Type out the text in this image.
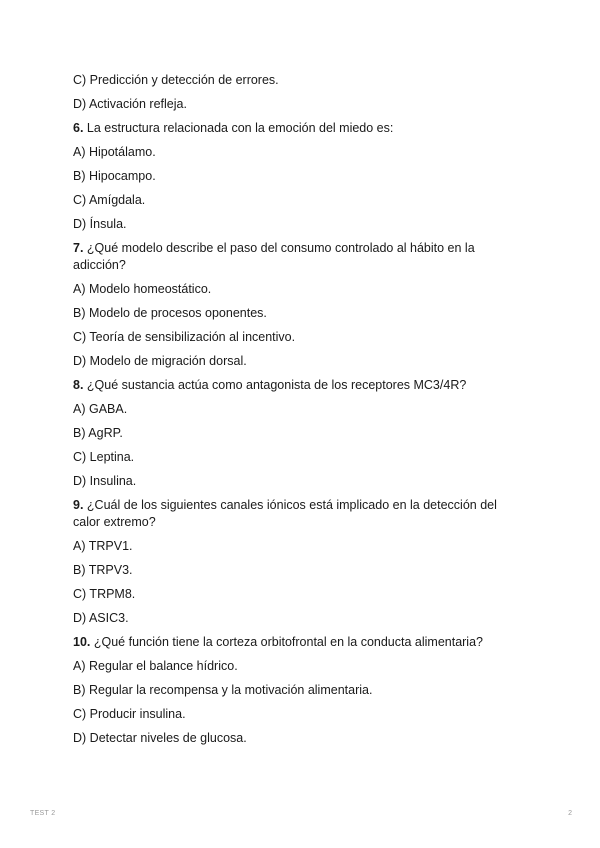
C) Predicción y detección de errores.

D) Activación refleja.

6. La estructura relacionada con la emoción del miedo es:

A) Hipotálamo.

B) Hipocampo.

C) Amígdala.

D) Ínsula.

7. ¿Qué modelo describe el paso del consumo controlado al hábito en la adicción?

A) Modelo homeostático.

B) Modelo de procesos oponentes.

C) Teoría de sensibilización al incentivo.

D) Modelo de migración dorsal.

8. ¿Qué sustancia actúa como antagonista de los receptores MC3/4R?

A) GABA.

B) AgRP.

C) Leptina.

D) Insulina.

9. ¿Cuál de los siguientes canales iónicos está implicado en la detección del calor extremo?

A) TRPV1.

B) TRPV3.

C) TRPM8.

D) ASIC3.

10. ¿Qué función tiene la corteza orbitofrontal en la conducta alimentaria?

A) Regular el balance hídrico.

B) Regular la recompensa y la motivación alimentaria.

C) Producir insulina.

D) Detectar niveles de glucosa.

TEST 2	2
